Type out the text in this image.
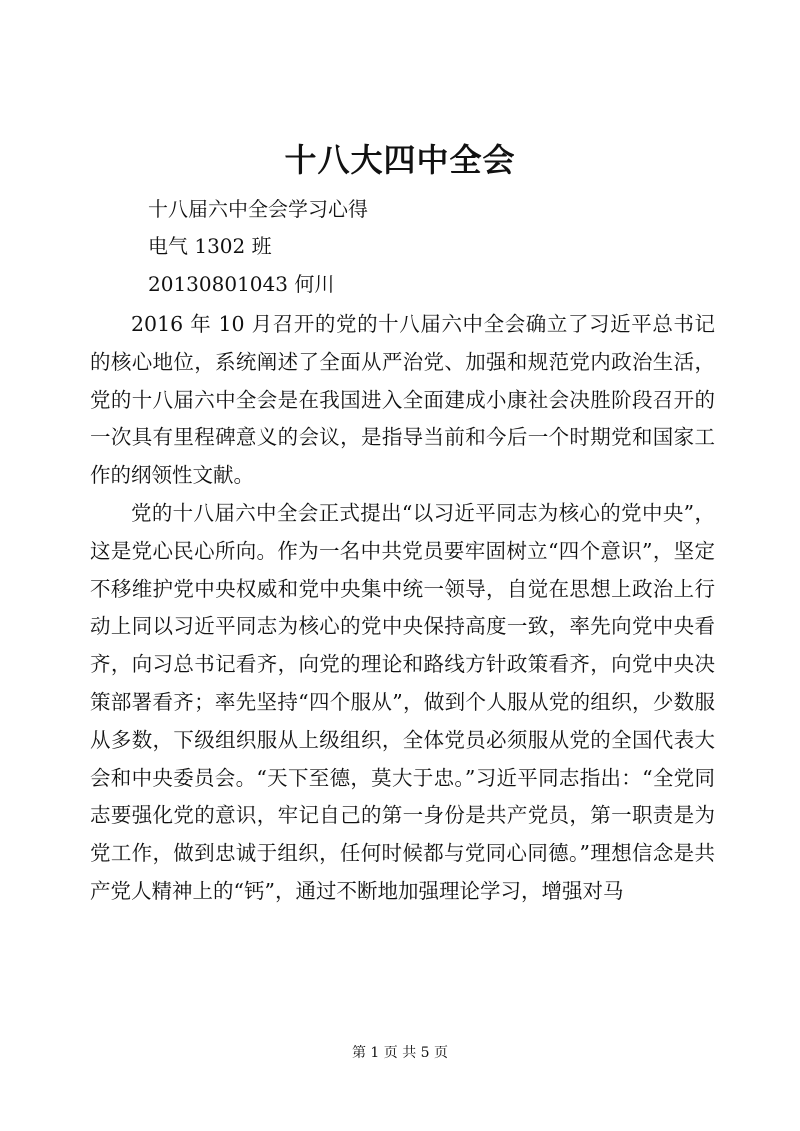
十八大四中全会
十八届六中全会学习心得
电气 1302 班
20130801043 何川

2016 年 10 月召开的党的十八届六中全会确立了习近平总书记的核心地位，系统阐述了全面从严治党、加强和规范党内政治生活，党的十八届六中全会是在我国进入全面建成小康社会决胜阶段召开的一次具有里程碑意义的会议，是指导当前和今后一个时期党和国家工作的纲领性文献。

党的十八届六中全会正式提出“以习近平同志为核心的党中央”，这是党心民心所向。作为一名中共党员要牢固树立“四个意识”，坚定不移维护党中央权威和党中央集中统一领导，自觉在思想上政治上行动上同以习近平同志为核心的党中央保持高度一致，率先向党中央看齐，向习总书记看齐，向党的理论和路线方针政策看齐，向党中央决策部署看齐；率先坚持“四个服从”，做到个人服从党的组织，少数服从多数，下级组织服从上级组织，全体党员必须服从党的全国代表大会和中央委员会。“天下至德，莫大于忠。”习近平同志指出：“全党同志要强化党的意识，牢记自己的第一身份是共产党员，第一职责是为党工作，做到忠诚于组织，任何时候都与党同心同德。”理想信念是共产党人精神上的“钙”，通过不断地加强理论学习，增强对马

第 1 页 共 5 页
